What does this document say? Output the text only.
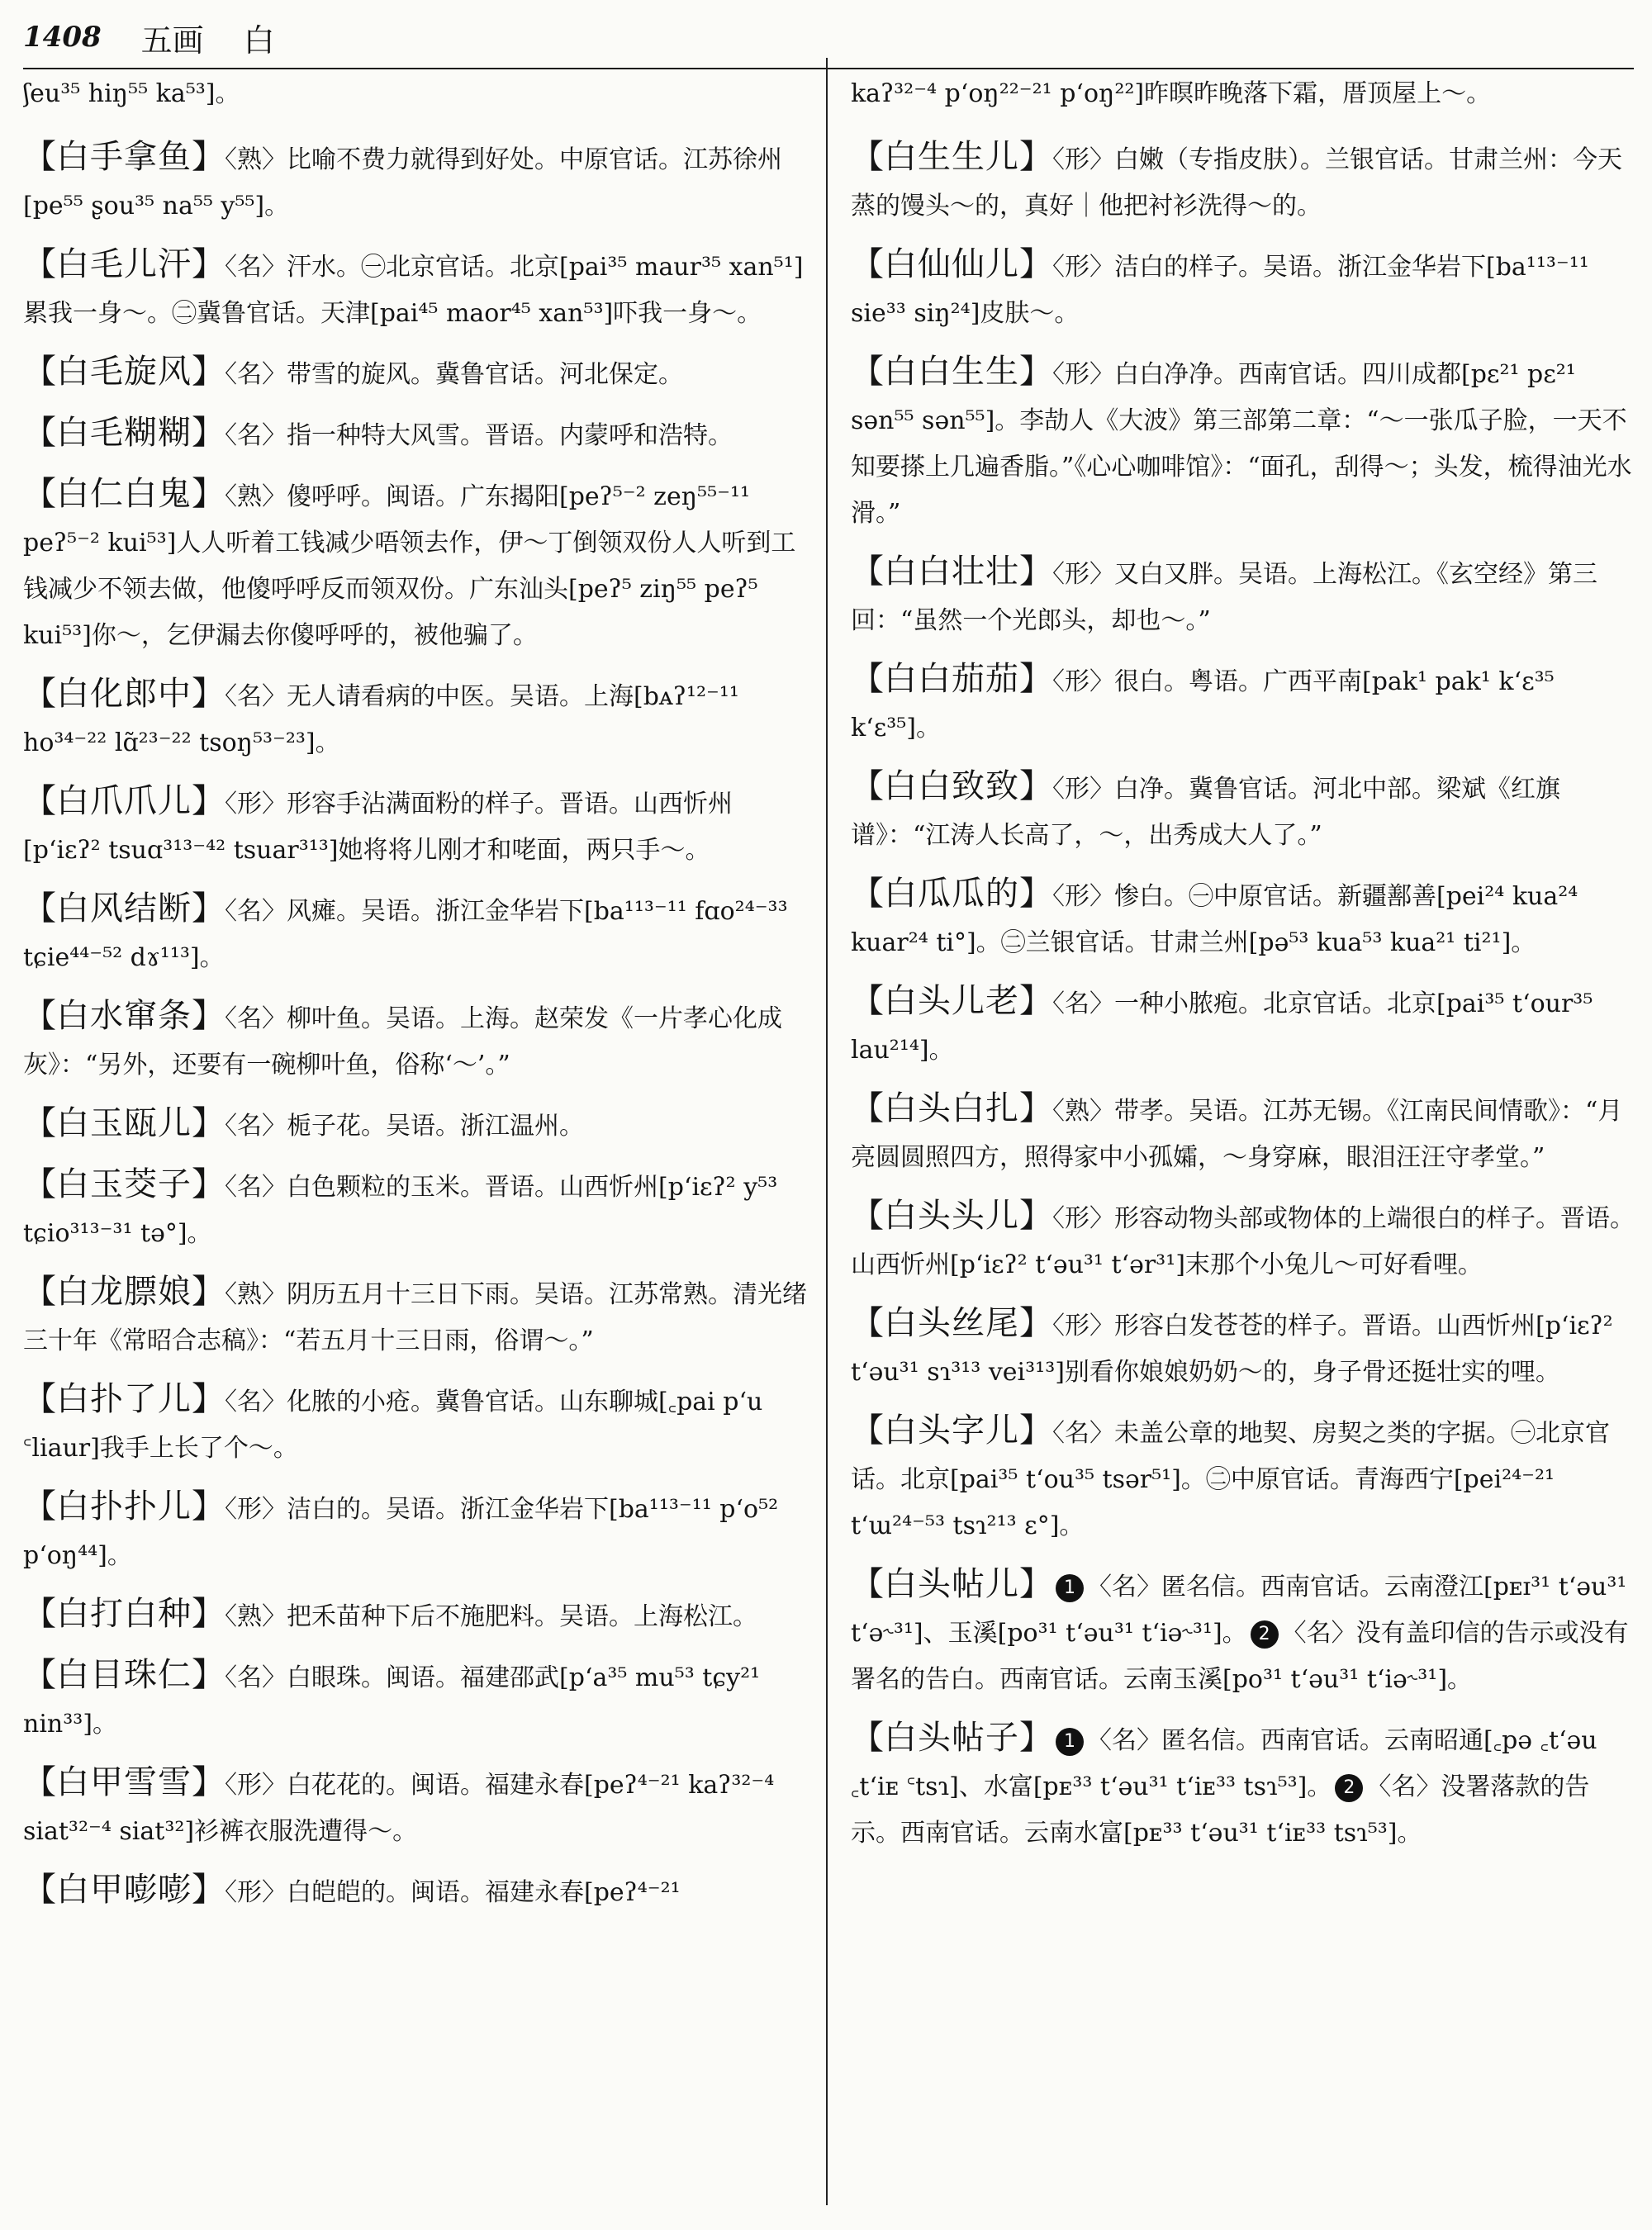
1408 五画 白
ʃeu³⁵ hiŋ⁵⁵ ka⁵³]。
【白手拿鱼】〈熟〉比喻不费力就得到好处。中原官话。江苏徐州[pe⁵⁵ ʂou³⁵ na⁵⁵ y⁵⁵]。
【白毛儿汗】〈名〉汗水。㊀北京官话。北京[pai³⁵ maur³⁵ xan⁵¹]累我一身～。㊁冀鲁官话。天津[pai⁴⁵ maor⁴⁵ xan⁵³]吓我一身～。
【白毛旋风】〈名〉带雪的旋风。冀鲁官话。河北保定。
【白毛糊糊】〈名〉指一种特大风雪。晋语。内蒙呼和浩特。
【白仁白鬼】〈熟〉傻呼呼。闽语。广东揭阳[peʔ⁵⁻² zeŋ⁵⁵⁻¹¹ peʔ⁵⁻² kui⁵³]人人听着工钱减少唔领去作，伊～丁倒领双份人人听到工钱减少不领去做，他傻呼呼反而领双份。广东汕头[peʔ⁵ ziŋ⁵⁵ peʔ⁵ kui⁵³]你～，乞伊漏去你傻呼呼的，被他骗了。
【白化郎中】〈名〉无人请看病的中医。吴语。上海[bᴀʔ¹²⁻¹¹ ho³⁴⁻²² lɑ̃²³⁻²² tsoŋ⁵³⁻²³]。
【白爪爪儿】〈形〉形容手沾满面粉的样子。晋语。山西忻州[pʻiɛʔ² tsuɑ³¹³⁻⁴² tsuar³¹³]她将将儿刚才和咾面，两只手～。
【白风结断】〈名〉风瘫。吴语。浙江金华岩下[ba¹¹³⁻¹¹ fɑo²⁴⁻³³ tɕie⁴⁴⁻⁵² dɤ¹¹³]。
【白水窜条】〈名〉柳叶鱼。吴语。上海。赵荣发《一片孝心化成灰》：“另外，还要有一碗柳叶鱼，俗称‘～’。”
【白玉瓯儿】〈名〉栀子花。吴语。浙江温州。
【白玉茭子】〈名〉白色颗粒的玉米。晋语。山西忻州[pʻiɛʔ² y⁵³ tɕio³¹³⁻³¹ tə°]。
【白龙膘娘】〈熟〉阴历五月十三日下雨。吴语。江苏常熟。清光绪三十年《常昭合志稿》：“若五月十三日雨，俗谓～。”
【白扑了儿】〈名〉化脓的小疮。冀鲁官话。山东聊城[꜀pai pʻu ꜂liaur]我手上长了个～。
【白扑扑儿】〈形〉洁白的。吴语。浙江金华岩下[ba¹¹³⁻¹¹ pʻo⁵² pʻoŋ⁴⁴]。
【白打白种】〈熟〉把禾苗种下后不施肥料。吴语。上海松江。
【白目珠仁】〈名〉白眼珠。闽语。福建邵武[pʻa³⁵ mu⁵³ tɕy²¹ nin³³]。
【白甲雪雪】〈形〉白花花的。闽语。福建永春[peʔ⁴⁻²¹ kaʔ³²⁻⁴ siat³²⁻⁴ siat³²]衫裤衣服洗遭得～。
【白甲嘭嘭】〈形〉白皑皑的。闽语。福建永春[peʔ⁴⁻²¹
kaʔ³²⁻⁴ pʻoŋ²²⁻²¹ pʻoŋ²²]昨暝昨晚落下霜，厝顶屋上～。
【白生生儿】〈形〉白嫩（专指皮肤）。兰银官话。甘肃兰州：今天蒸的馒头～的，真好｜他把衬衫洗得～的。
【白仙仙儿】〈形〉洁白的样子。吴语。浙江金华岩下[ba¹¹³⁻¹¹ sie³³ siŋ²⁴]皮肤～。
【白白生生】〈形〉白白净净。西南官话。四川成都[pɛ²¹ pɛ²¹ sən⁵⁵ sən⁵⁵]。李劼人《大波》第三部第二章：“～一张瓜子脸，一天不知要搽上几遍香脂。”《心心咖啡馆》：“面孔，刮得～；头发，梳得油光水滑。”
【白白壮壮】〈形〉又白又胖。吴语。上海松江。《玄空经》第三回：“虽然一个光郎头，却也～。”
【白白茄茄】〈形〉很白。粤语。广西平南[pak¹ pak¹ kʻɛ³⁵ kʻɛ³⁵]。
【白白致致】〈形〉白净。冀鲁官话。河北中部。梁斌《红旗谱》：“江涛人长高了，～，出秀成大人了。”
【白瓜瓜的】〈形〉惨白。㊀中原官话。新疆鄯善[pei²⁴ kua²⁴ kuar²⁴ ti°]。㊁兰银官话。甘肃兰州[pə⁵³ kua⁵³ kua²¹ ti²¹]。
【白头儿老】〈名〉一种小脓疱。北京官话。北京[pai³⁵ tʻour³⁵ lau²¹⁴]。
【白头白扎】〈熟〉带孝。吴语。江苏无锡。《江南民间情歌》：“月亮圆圆照四方，照得家中小孤孀，～身穿麻，眼泪汪汪守孝堂。”
【白头头儿】〈形〉形容动物头部或物体的上端很白的样子。晋语。山西忻州[pʻiɛʔ² tʻəu³¹ tʻər³¹]末那个小兔儿～可好看哩。
【白头丝尾】〈形〉形容白发苍苍的样子。晋语。山西忻州[pʻiɛʔ² tʻəu³¹ sɿ³¹³ vei³¹³]别看你娘娘奶奶～的，身子骨还挺壮实的哩。
【白头字儿】〈名〉未盖公章的地契、房契之类的字据。㊀北京官话。北京[pai³⁵ tʻou³⁵ tsər⁵¹]。㊁中原官话。青海西宁[pei²⁴⁻²¹ tʻɯ²⁴⁻⁵³ tsɿ²¹³ ɛ°]。
【白头帖儿】 1 〈名〉匿名信。西南官话。云南澄江[pᴇɪ³¹ tʻəu³¹ tʻə˞³¹]、玉溪[po³¹ tʻəu³¹ tʻiə˞³¹]。 2 〈名〉没有盖印信的告示或没有署名的告白。西南官话。云南玉溪[po³¹ tʻəu³¹ tʻiə˞³¹]。
【白头帖子】 1 〈名〉匿名信。西南官话。云南昭通[꜀pə ꜀tʻəu ꜀tʻiᴇ ꜂tsɿ]、水富[pᴇ³³ tʻəu³¹ tʻiᴇ³³ tsɿ⁵³]。 2 〈名〉没署落款的告示。西南官话。云南水富[pᴇ³³ tʻəu³¹ tʻiᴇ³³ tsɿ⁵³]。
